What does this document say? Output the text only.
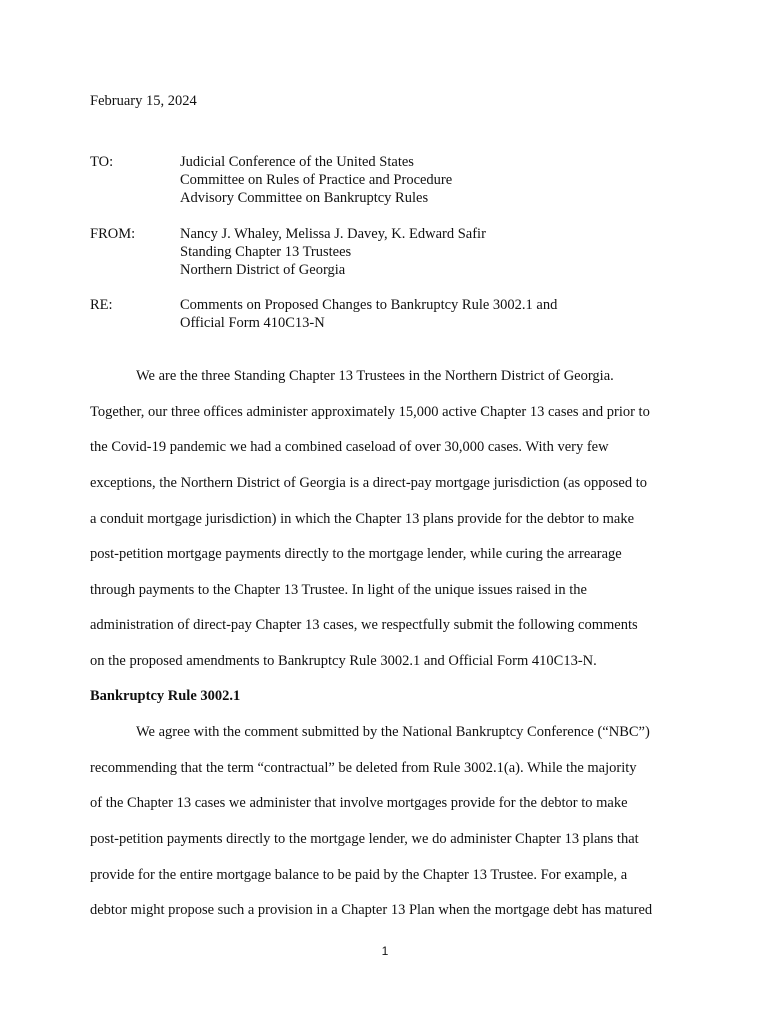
February 15, 2024
TO:	Judicial Conference of the United States
Committee on Rules of Practice and Procedure
Advisory Committee on Bankruptcy Rules
FROM:	Nancy J. Whaley, Melissa J. Davey, K. Edward Safir
Standing Chapter 13 Trustees
Northern District of Georgia
RE:	Comments on Proposed Changes to Bankruptcy Rule 3002.1 and
Official Form 410C13-N
We are the three Standing Chapter 13 Trustees in the Northern District of Georgia.
Together, our three offices administer approximately 15,000 active Chapter 13 cases and prior to
the Covid-19 pandemic we had a combined caseload of over 30,000 cases. With very few
exceptions, the Northern District of Georgia is a direct-pay mortgage jurisdiction (as opposed to
a conduit mortgage jurisdiction) in which the Chapter 13 plans provide for the debtor to make
post-petition mortgage payments directly to the mortgage lender, while curing the arrearage
through payments to the Chapter 13 Trustee. In light of the unique issues raised in the
administration of direct-pay Chapter 13 cases, we respectfully submit the following comments
on the proposed amendments to Bankruptcy Rule 3002.1 and Official Form 410C13-N.
Bankruptcy Rule 3002.1
We agree with the comment submitted by the National Bankruptcy Conference (“NBC”)
recommending that the term “contractual” be deleted from Rule 3002.1(a). While the majority
of the Chapter 13 cases we administer that involve mortgages provide for the debtor to make
post-petition payments directly to the mortgage lender, we do administer Chapter 13 plans that
provide for the entire mortgage balance to be paid by the Chapter 13 Trustee. For example, a
debtor might propose such a provision in a Chapter 13 Plan when the mortgage debt has matured
1
